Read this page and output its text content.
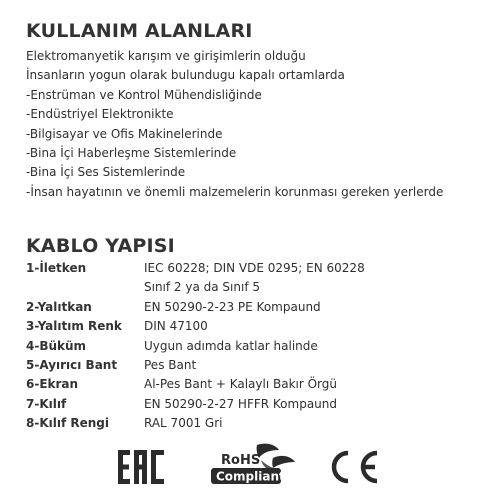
KULLANIM ALANLARI
Elektromanyetik karışım ve girişimlerin olduğu
İnsanların yogun olarak bulundugu kapalı ortamlarda
-Enstrüman ve Kontrol Mühendisliğinde
-Endüstriyel Elektronikte
-Bilgisayar ve Ofis Makinelerinde
-Bina İçi Haberleşme Sistemlerinde
-Bina İçi Ses Sistemlerinde
-İnsan hayatının ve önemli malzemelerin korunması gereken yerlerde
KABLO YAPISI
1-İletken	IEC 60228; DIN VDE 0295; EN 60228
Sınıf 2 ya da Sınıf 5

2-Yalıtkan	EN 50290-2-23 PE Kompaund

3-Yalıtım Renk	DIN 47100

4-Büküm	Uygun adımda katlar halinde

5-Ayırıcı Bant	Pes Bant

6-Ekran	Al-Pes Bant + Kalaylı Bakır Örgü

7-Kılıf	EN 50290-2-27 HFFR Kompaund

8-Kılıf Rengi	RAL 7001 Gri
RoHS
Compliant
